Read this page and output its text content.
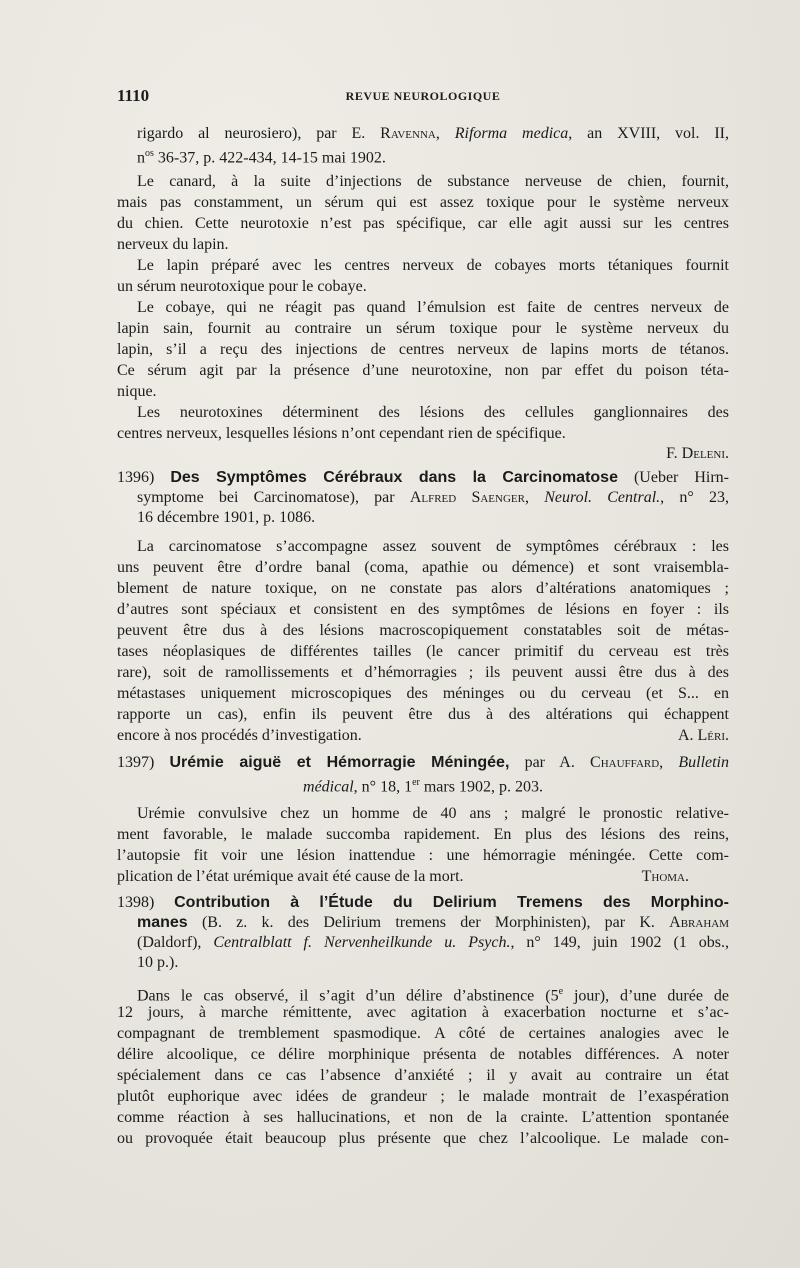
1110	REVUE NEUROLOGIQUE
rigardo al neurosiero), par E. Ravenna, Riforma medica, an XVIII, vol. II,
$n^{os}$ 36-37, p. 422-434, 14-15 mai 1902.
Le canard, à la suite d’injections de substance nerveuse de chien, fournit,
mais pas constamment, un sérum qui est assez toxique pour le système nerveux
du chien. Cette neurotoxie n’est pas spécifique, car elle agit aussi sur les centres
nerveux du lapin.
Le lapin préparé avec les centres nerveux de cobayes morts tétaniques fournit
un sérum neurotoxique pour le cobaye.
Le cobaye, qui ne réagit pas quand l’émulsion est faite de centres nerveux de
lapin sain, fournit au contraire un sérum toxique pour le système nerveux du
lapin, s’il a reçu des injections de centres nerveux de lapins morts de tétanos.
Ce sérum agit par la présence d’une neurotoxine, non par effet du poison téta-
nique.
Les neurotoxines déterminent des lésions des cellules ganglionnaires des
centres nerveux, lesquelles lésions n’ont cependant rien de spécifique.
F. Deleni.
1396) Des Symptômes Cérébraux dans la Carcinomatose (Ueber Hirn-
symptome bei Carcinomatose), par Alfred Saenger, Neurol. Central., n° 23,
16 décembre 1901, p. 1086.
La carcinomatose s’accompagne assez souvent de symptômes cérébraux : les
uns peuvent être d’ordre banal (coma, apathie ou démence) et sont vraisembla-
blement de nature toxique, on ne constate pas alors d’altérations anatomiques ;
d’autres sont spéciaux et consistent en des symptômes de lésions en foyer : ils
peuvent être dus à des lésions macroscopiquement constatables soit de métas-
tases néoplasiques de différentes tailles (le cancer primitif du cerveau est très
rare), soit de ramollissements et d’hémorragies ; ils peuvent aussi être dus à des
métastases uniquement microscopiques des méninges ou du cerveau (et S... en
rapporte un cas), enfin ils peuvent être dus à des altérations qui échappent
encore à nos procédés d’investigation.	A. Léri.
1397) Urémie aiguë et Hémorragie Méningée, par A. Chauffard, Bulletin
médical, n° 18, 1er mars 1902, p. 203.
Urémie convulsive chez un homme de 40 ans ; malgré le pronostic relative-
ment favorable, le malade succomba rapidement. En plus des lésions des reins,
l’autopsie fit voir une lésion inattendue : une hémorragie méningée. Cette com-
plication de l’état urémique avait été cause de la mort.	Thoma.
1398) Contribution à l’Étude du Delirium Tremens des Morphino-
manes (B. z. k. des Delirium tremens der Morphinisten), par K. Abraham
(Daldorf), Centralblatt f. Nervenheilkunde u. Psych., n° 149, juin 1902 (1 obs.,
10 p.).
Dans le cas observé, il s’agit d’un délire d’abstinence (5e jour), d’une durée de
12 jours, à marche rémittente, avec agitation à exacerbation nocturne et s’ac-
compagnant de tremblement spasmodique. A côté de certaines analogies avec le
délire alcoolique, ce délire morphinique présenta de notables différences. A noter
spécialement dans ce cas l’absence d’anxiété ; il y avait au contraire un état
plutôt euphorique avec idées de grandeur ; le malade montrait de l’exaspération
comme réaction à ses hallucinations, et non de la crainte. L’attention spontanée
ou provoquée était beaucoup plus présente que chez l’alcoolique. Le malade con-
